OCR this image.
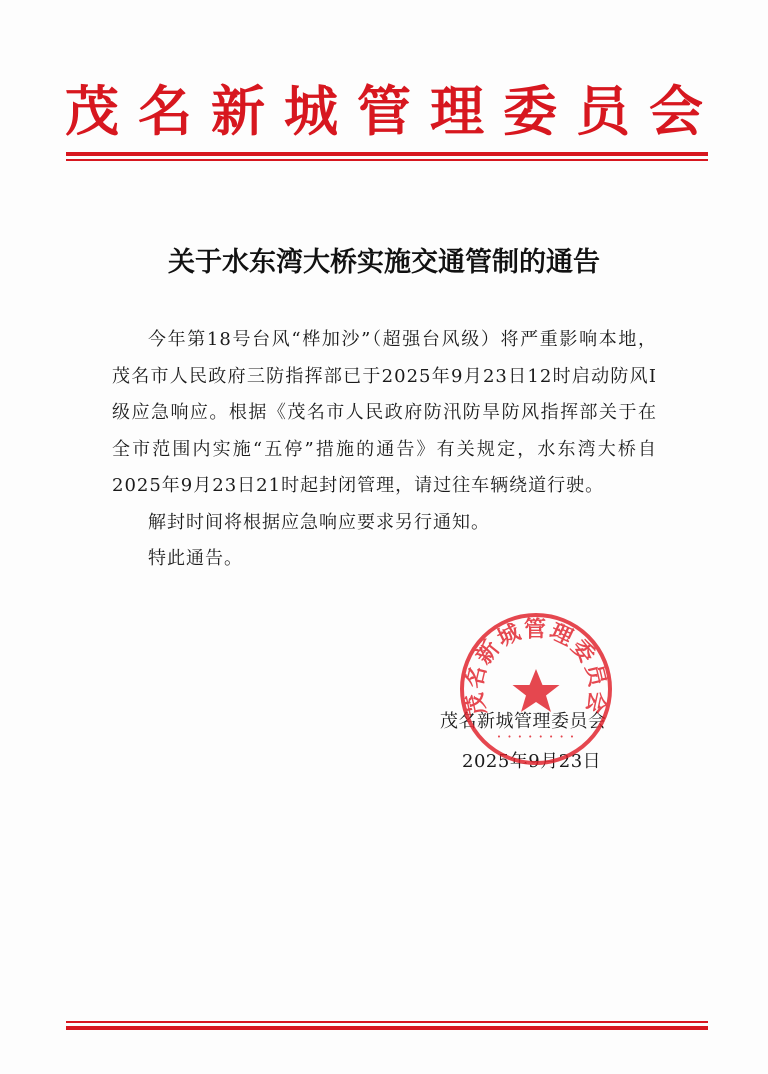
茂名新城管理委员会
关于水东湾大桥实施交通管制的通告

今年第18号台风“桦加沙”（超强台风级）将严重影响本地，茂名市人民政府三防指挥部已于2025年9月23日12时启动防风Ⅰ级应急响应。根据《茂名市人民政府防汛防旱防风指挥部关于在全市范围内实施“五停”措施的通告》有关规定，水东湾大桥自2025年9月23日21时起封闭管理，请过往车辆绕道行驶。

解封时间将根据应急响应要求另行通知。

特此通告。

茂名新城管理委员会
2025年9月23日
茂名新城管理委员会
• • • • • • • •
